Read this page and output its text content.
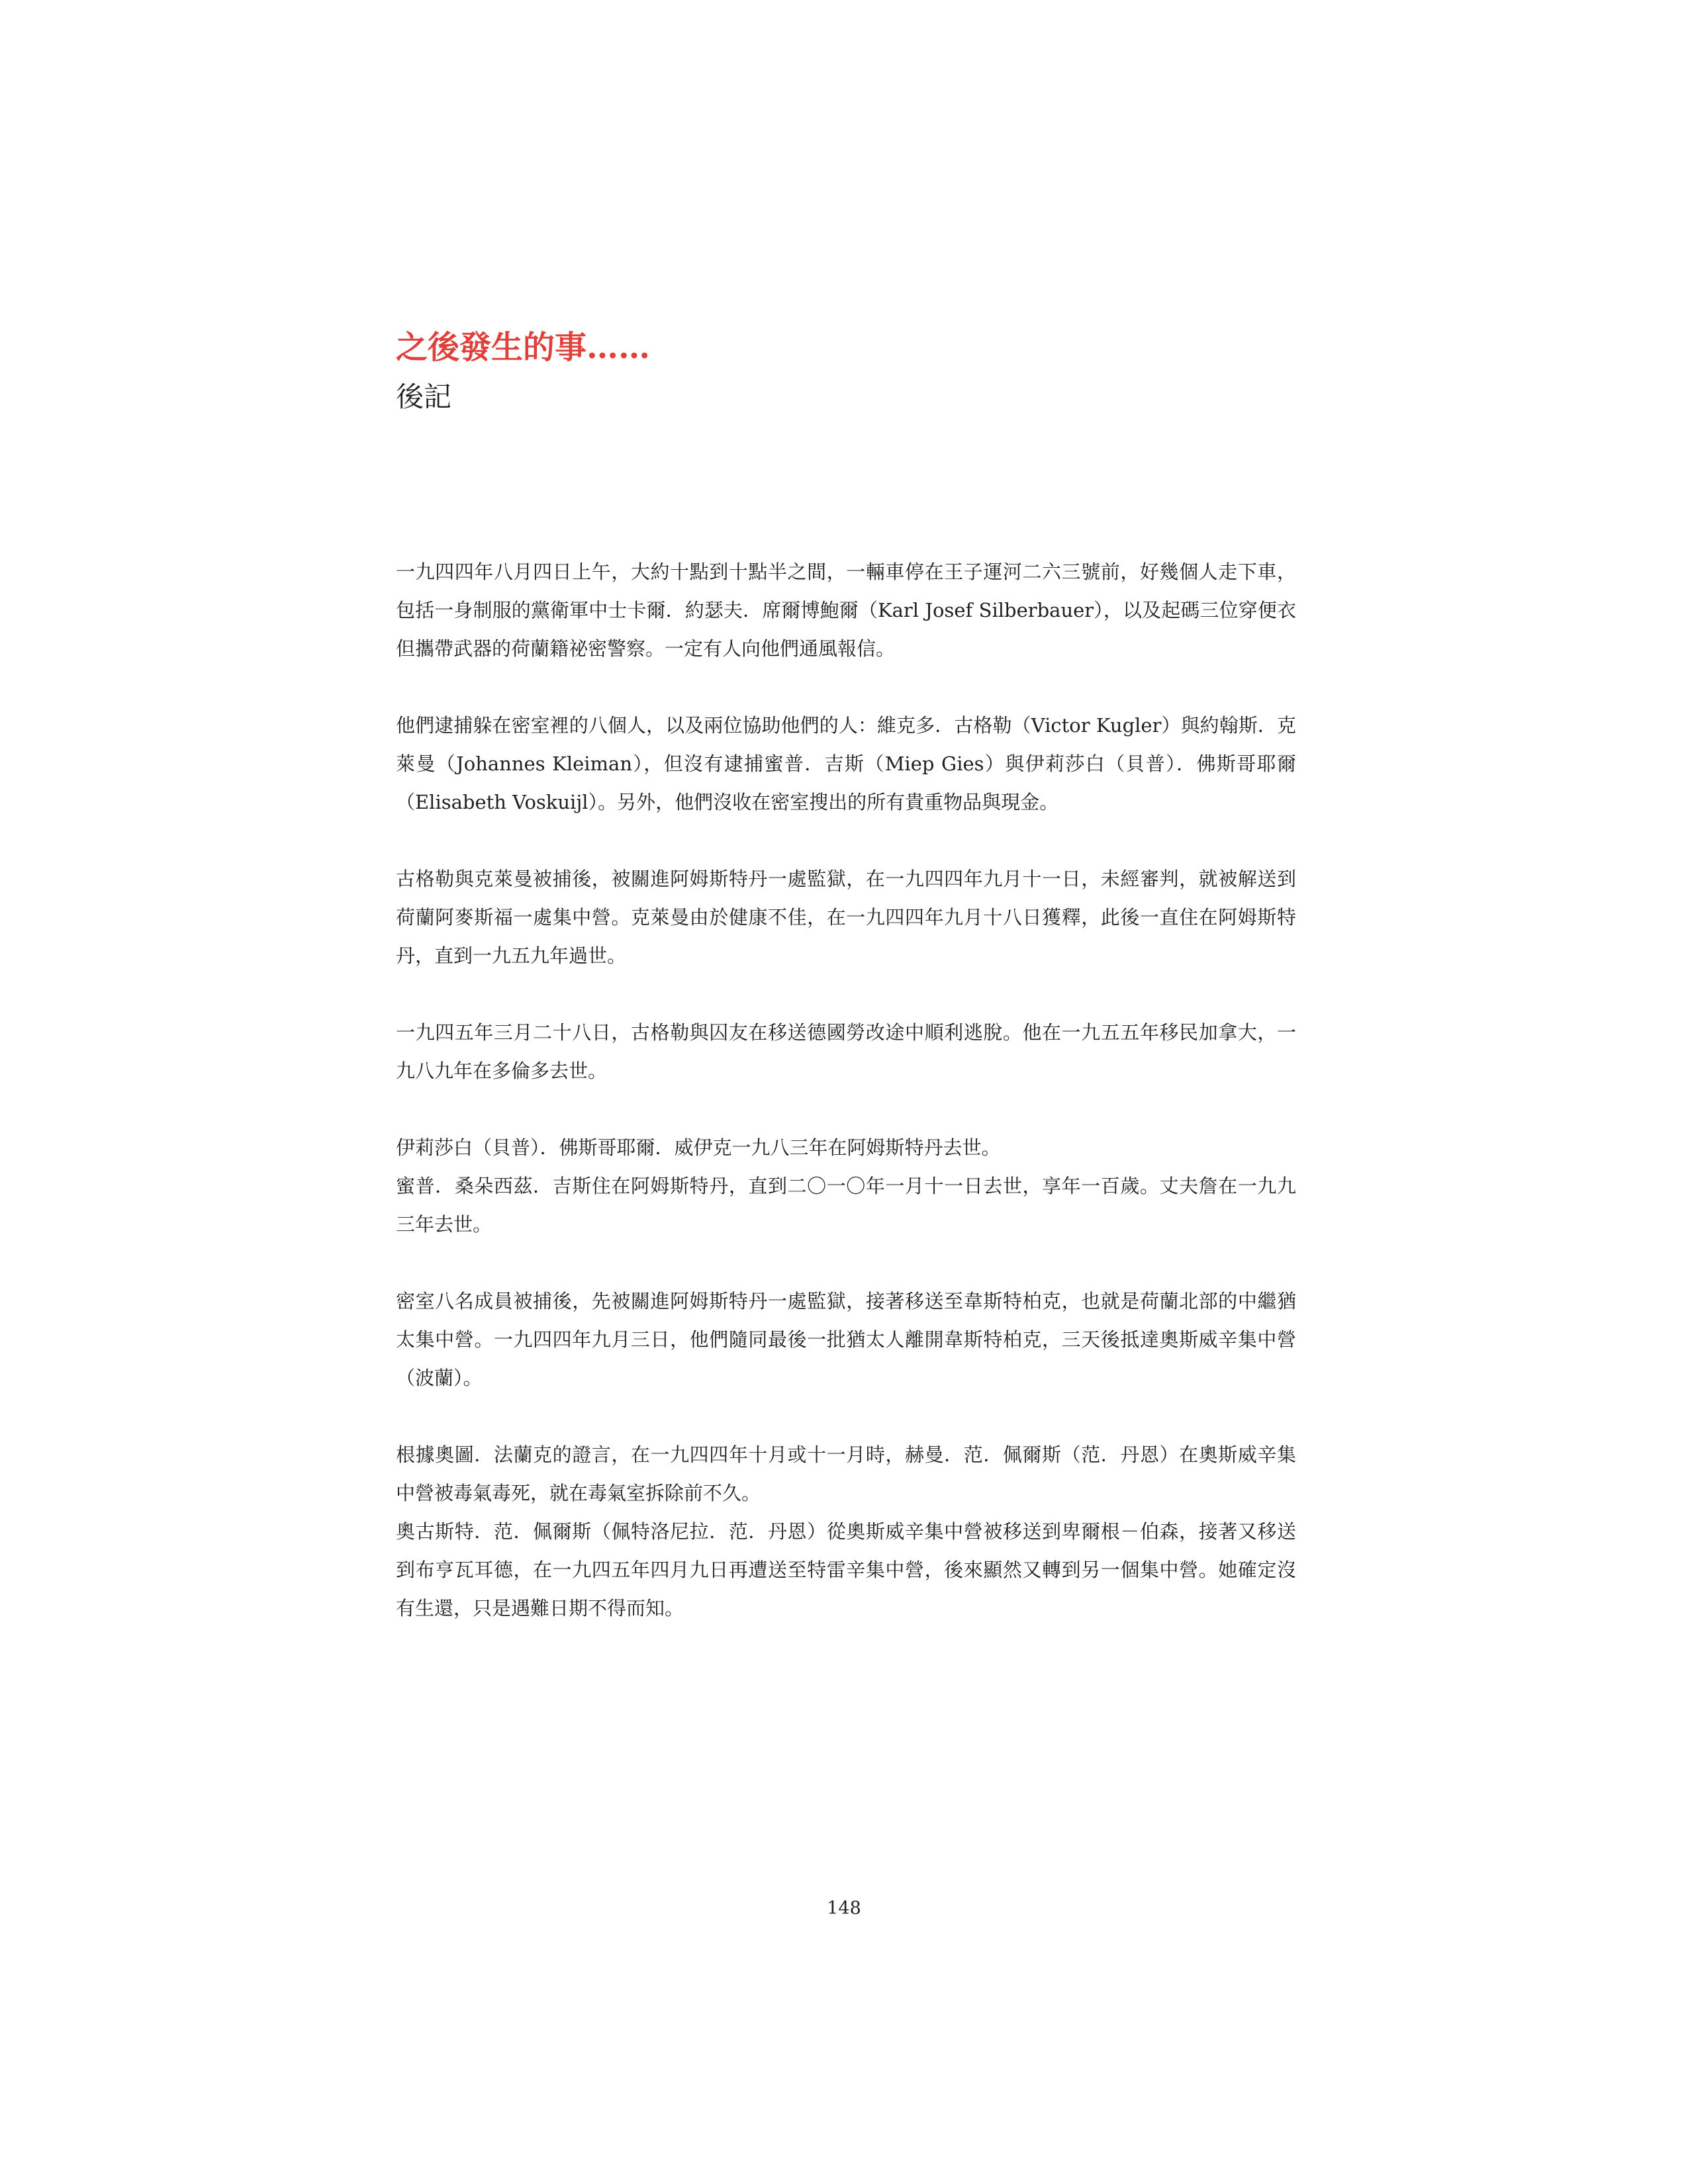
之後發生的事……
後記

一九四四年八月四日上午，大約十點到十點半之間，一輛車停在王子運河二六三號前，好幾個人走下車，包括一身制服的黨衛軍中士卡爾．約瑟夫．席爾博鮑爾（Karl Josef Silberbauer），以及起碼三位穿便衣但攜帶武器的荷蘭籍祕密警察。一定有人向他們通風報信。

他們逮捕躲在密室裡的八個人，以及兩位協助他們的人：維克多．古格勒（Victor Kugler）與約翰斯．克萊曼（Johannes Kleiman），但沒有逮捕蜜普．吉斯（Miep Gies）與伊莉莎白（貝普）．佛斯哥耶爾（Elisabeth Voskuijl）。另外，他們沒收在密室搜出的所有貴重物品與現金。

古格勒與克萊曼被捕後，被關進阿姆斯特丹一處監獄，在一九四四年九月十一日，未經審判，就被解送到荷蘭阿麥斯福一處集中營。克萊曼由於健康不佳，在一九四四年九月十八日獲釋，此後一直住在阿姆斯特丹，直到一九五九年過世。

一九四五年三月二十八日，古格勒與囚友在移送德國勞改途中順利逃脫。他在一九五五年移民加拿大，一九八九年在多倫多去世。

伊莉莎白（貝普）．佛斯哥耶爾．威伊克一九八三年在阿姆斯特丹去世。

蜜普．桑朵西茲．吉斯住在阿姆斯特丹，直到二〇一〇年一月十一日去世，享年一百歲。丈夫詹在一九九三年去世。

密室八名成員被捕後，先被關進阿姆斯特丹一處監獄，接著移送至韋斯特柏克，也就是荷蘭北部的中繼猶太集中營。一九四四年九月三日，他們隨同最後一批猶太人離開韋斯特柏克，三天後抵達奧斯威辛集中營（波蘭）。

根據奧圖．法蘭克的證言，在一九四四年十月或十一月時，赫曼．范．佩爾斯（范．丹恩）在奧斯威辛集中營被毒氣毒死，就在毒氣室拆除前不久。

奧古斯特．范．佩爾斯（佩特洛尼拉．范．丹恩）從奧斯威辛集中營被移送到卑爾根－伯森，接著又移送到布亨瓦耳德，在一九四五年四月九日再遭送至特雷辛集中營，後來顯然又轉到另一個集中營。她確定沒有生還，只是遇難日期不得而知。

148
